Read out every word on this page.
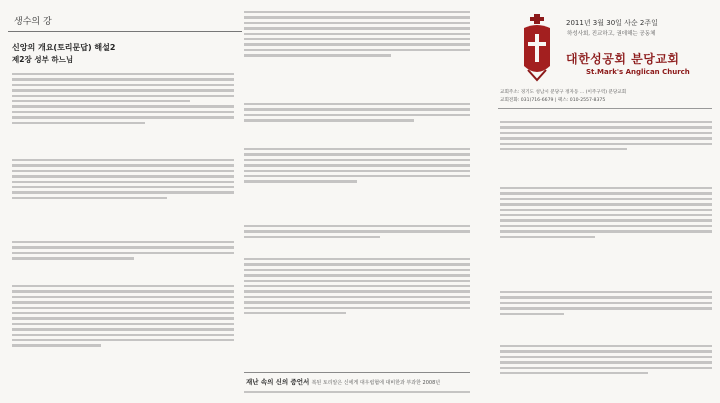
생수의 강
신앙의 개요(토리문답) 해설2
제2장 성부 하느님
재난 속의 신의 증언서 복된 토리알은 신에게 대우립협에 대비한과 부과한 2008년
2011년 3월 30일 사순 2주일
하성사회, 진교하고, 권데해는 공동체
대한성공회 분당교회
St.Mark's Anglican Church
교회주소: 경기도 성남시 분당구 정자동 ... (이주구역) 분당교회
교회전화: 031)716-6679 | 팩스: 010-2557-8375
